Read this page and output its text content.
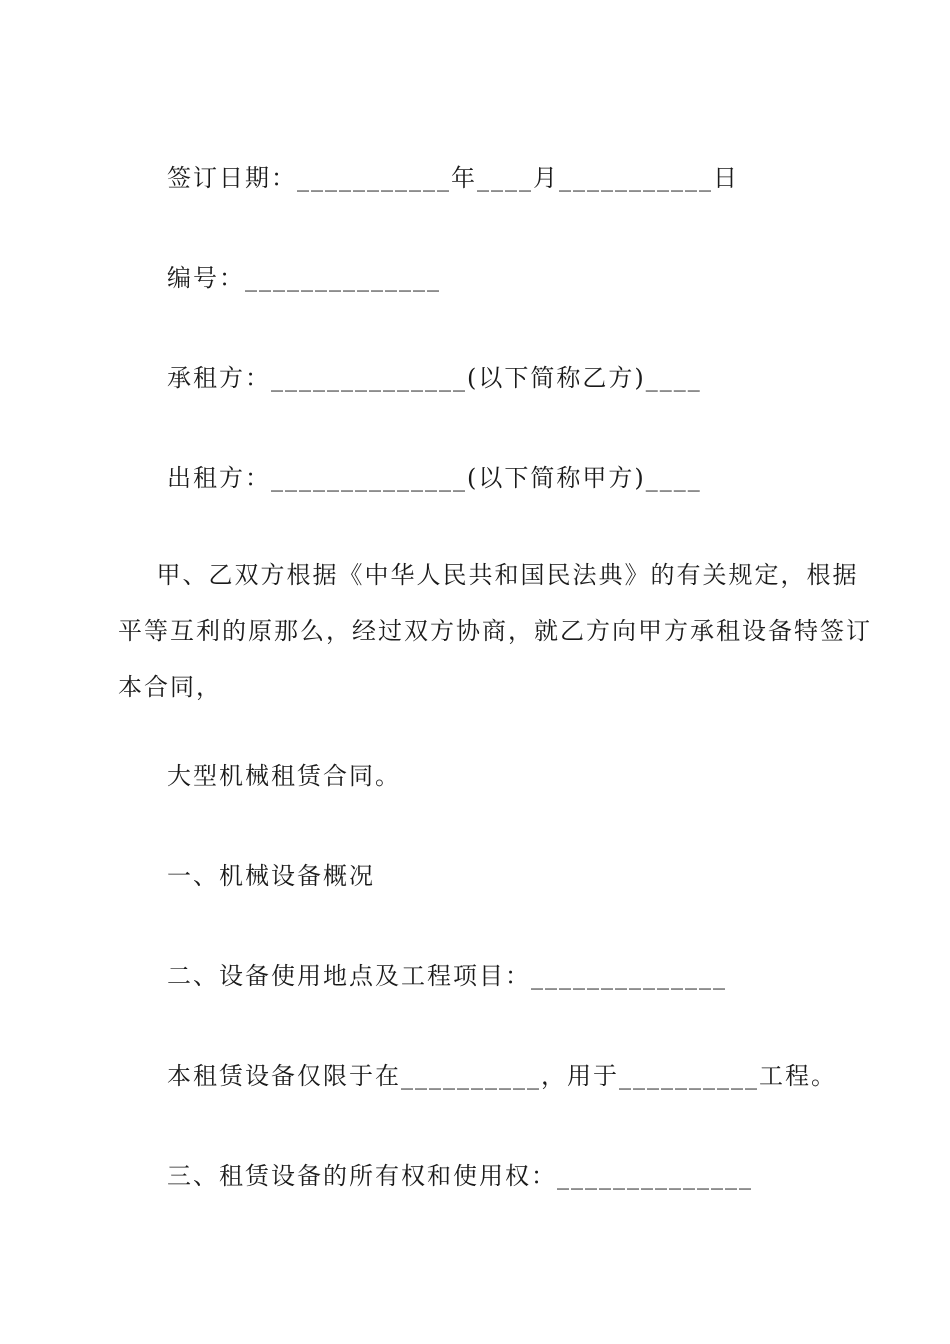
签订日期：___________年____月___________日
编号：______________
承租方：______________(以下简称乙方)____
出租方：______________(以下简称甲方)____
甲、乙双方根据《中华人民共和国民法典》的有关规定，根据
平等互利的原那么，经过双方协商，就乙方向甲方承租设备特签订
本合同，
大型机械租赁合同。
一、机械设备概况
二、设备使用地点及工程项目：______________
本租赁设备仅限于在__________，用于__________工程。
三、租赁设备的所有权和使用权：______________
